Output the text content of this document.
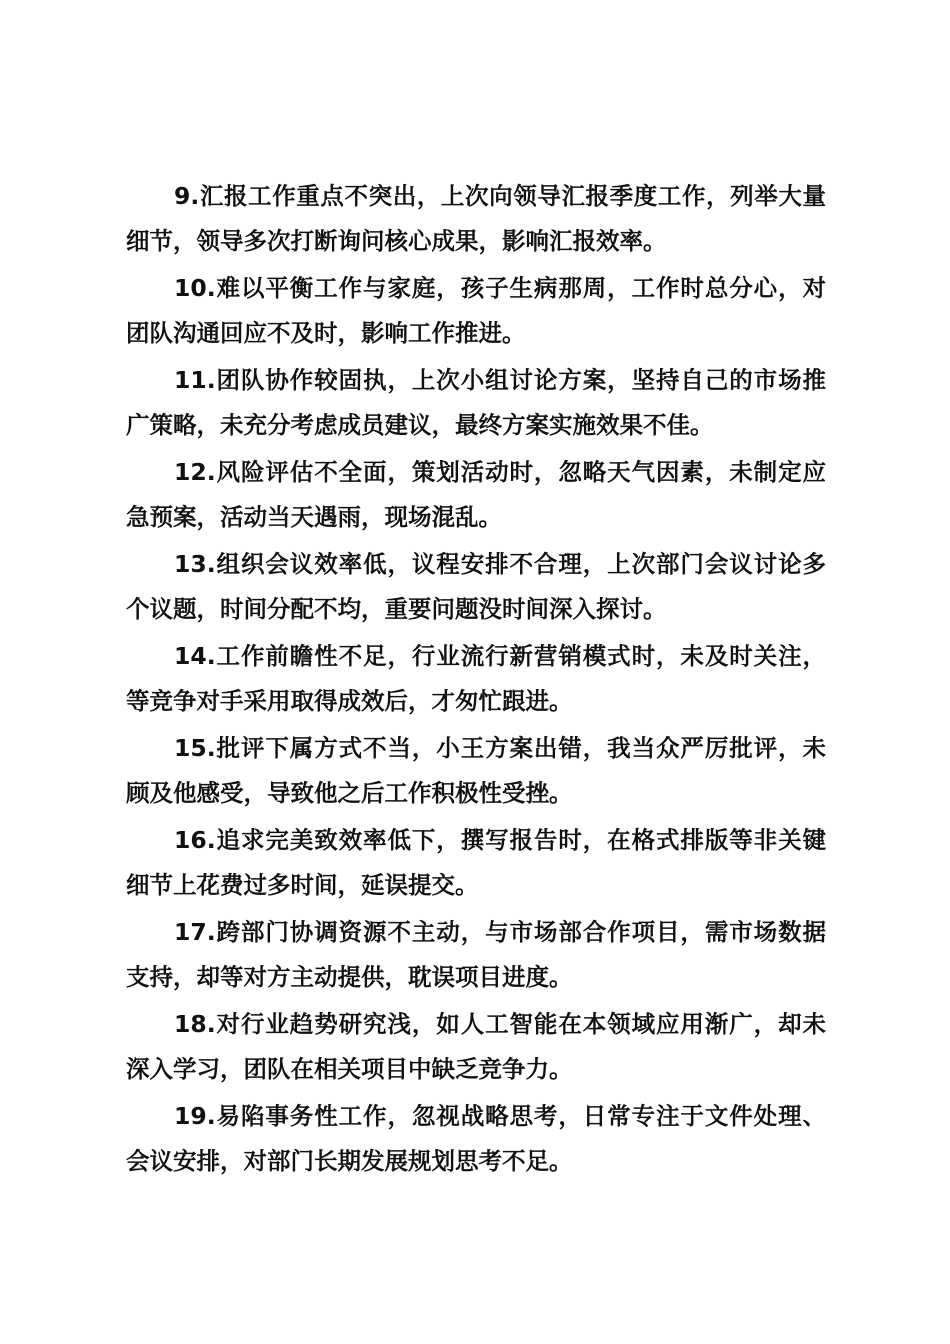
9.汇报工作重点不突出，上次向领导汇报季度工作，列举大量细节，领导多次打断询问核心成果，影响汇报效率。

10.难以平衡工作与家庭，孩子生病那周，工作时总分心，对团队沟通回应不及时，影响工作推进。

11.团队协作较固执，上次小组讨论方案，坚持自己的市场推广策略，未充分考虑成员建议，最终方案实施效果不佳。

12.风险评估不全面，策划活动时，忽略天气因素，未制定应急预案，活动当天遇雨，现场混乱。

13.组织会议效率低，议程安排不合理，上次部门会议讨论多个议题，时间分配不均，重要问题没时间深入探讨。

14.工作前瞻性不足，行业流行新营销模式时，未及时关注，等竞争对手采用取得成效后，才匆忙跟进。

15.批评下属方式不当，小王方案出错，我当众严厉批评，未顾及他感受，导致他之后工作积极性受挫。

16.追求完美致效率低下，撰写报告时，在格式排版等非关键细节上花费过多时间，延误提交。

17.跨部门协调资源不主动，与市场部合作项目，需市场数据支持，却等对方主动提供，耽误项目进度。

18.对行业趋势研究浅，如人工智能在本领域应用渐广，却未深入学习，团队在相关项目中缺乏竞争力。

19.易陷事务性工作，忽视战略思考，日常专注于文件处理、会议安排，对部门长期发展规划思考不足。
